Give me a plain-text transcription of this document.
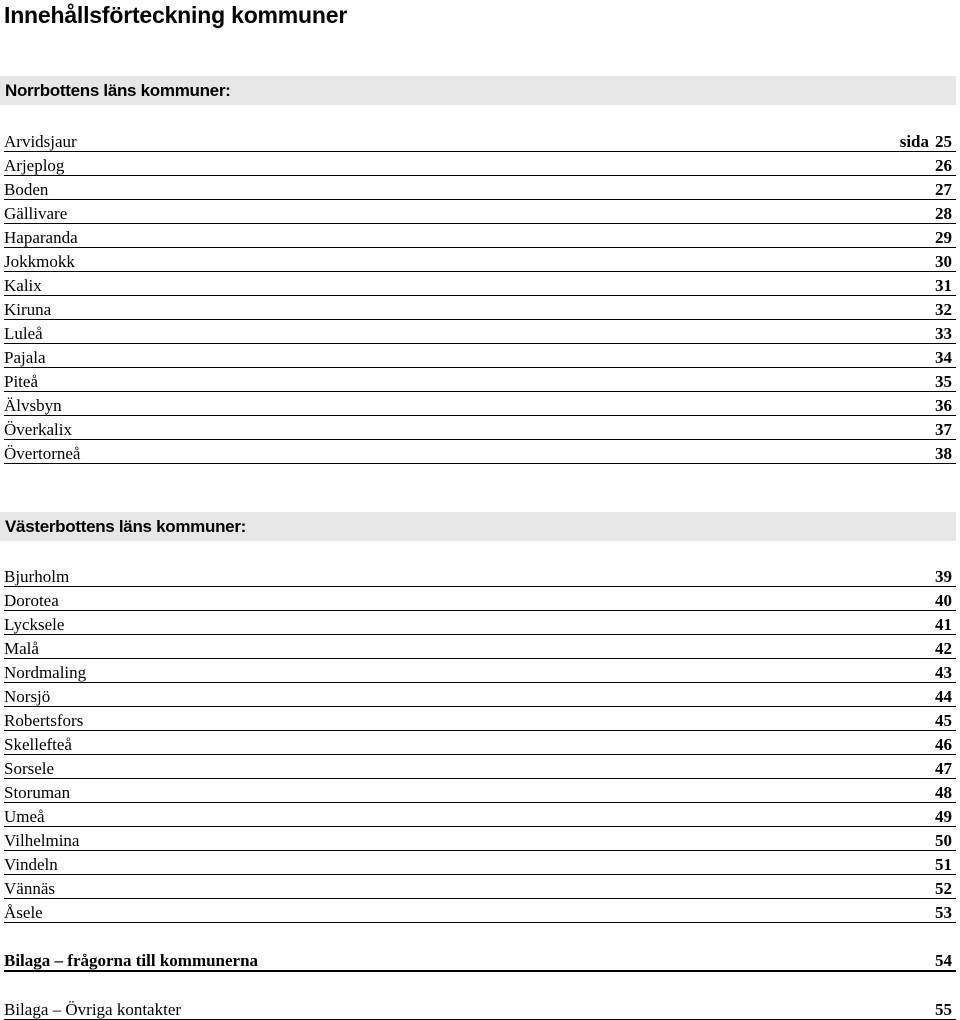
Innehållsförteckning kommuner
Norrbottens läns kommuner:
Arvidsjaur	sida 25
Arjeplog	26
Boden	27
Gällivare	28
Haparanda	29
Jokkmokk	30
Kalix	31
Kiruna	32
Luleå	33
Pajala	34
Piteå	35
Älvsbyn	36
Överkalix	37
Övertorneå	38
Västerbottens läns kommuner:
Bjurholm	39
Dorotea	40
Lycksele	41
Malå	42
Nordmaling	43
Norsjö	44
Robertsfors	45
Skellefteå	46
Sorsele	47
Storuman	48
Umeå	49
Vilhelmina	50
Vindeln	51
Vännäs	52
Åsele	53
Bilaga – frågorna till kommunerna	54
Bilaga – Övriga kontakter	55
